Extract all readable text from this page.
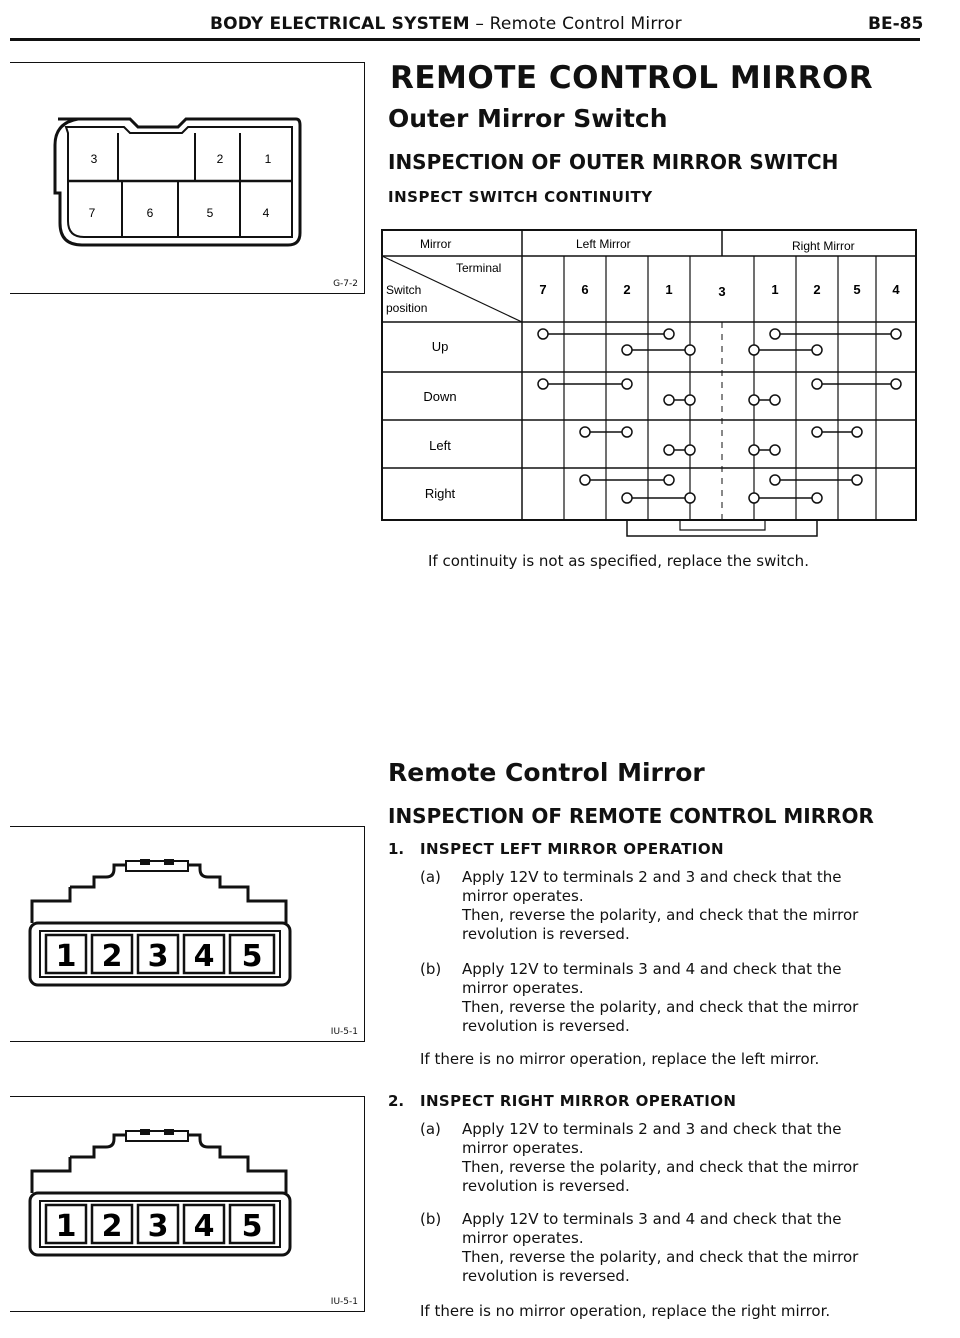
BODY ELECTRICAL SYSTEM – Remote Control Mirror	BE-85
3	2	1
7	6	5	4
G-7-2
1 2 3 4 5
IU-5-1
1 2 3 4 5
IU-5-1
REMOTE CONTROL MIRROR
Outer Mirror Switch
INSPECTION OF OUTER MIRROR SWITCH
INSPECT SWITCH CONTINUITY
Mirror	Left Mirror	Right Mirror
Terminal
Switch
position
7	6	2	1	3	1	2	5 4
Up
Down
Left
Right
If continuity is not as specified, replace the switch.
Remote Control Mirror
INSPECTION OF REMOTE CONTROL MIRROR
1. INSPECT LEFT MIRROR OPERATION
(a) Apply 12V to terminals 2 and 3 and check that the
mirror operates.
Then, reverse the polarity, and check that the mirror
revolution is reversed.
(b) Apply 12V to terminals 3 and 4 and check that the
mirror operates.
Then, reverse the polarity, and check that the mirror
revolution is reversed.
If there is no mirror operation, replace the left mirror.
2. INSPECT RIGHT MIRROR OPERATION
(a) Apply 12V to terminals 2 and 3 and check that the
mirror operates.
Then, reverse the polarity, and check that the mirror
revolution is reversed.
(b) Apply 12V to terminals 3 and 4 and check that the
mirror operates.
Then, reverse the polarity, and check that the mirror
revolution is reversed.
If there is no mirror operation, replace the right mirror.
